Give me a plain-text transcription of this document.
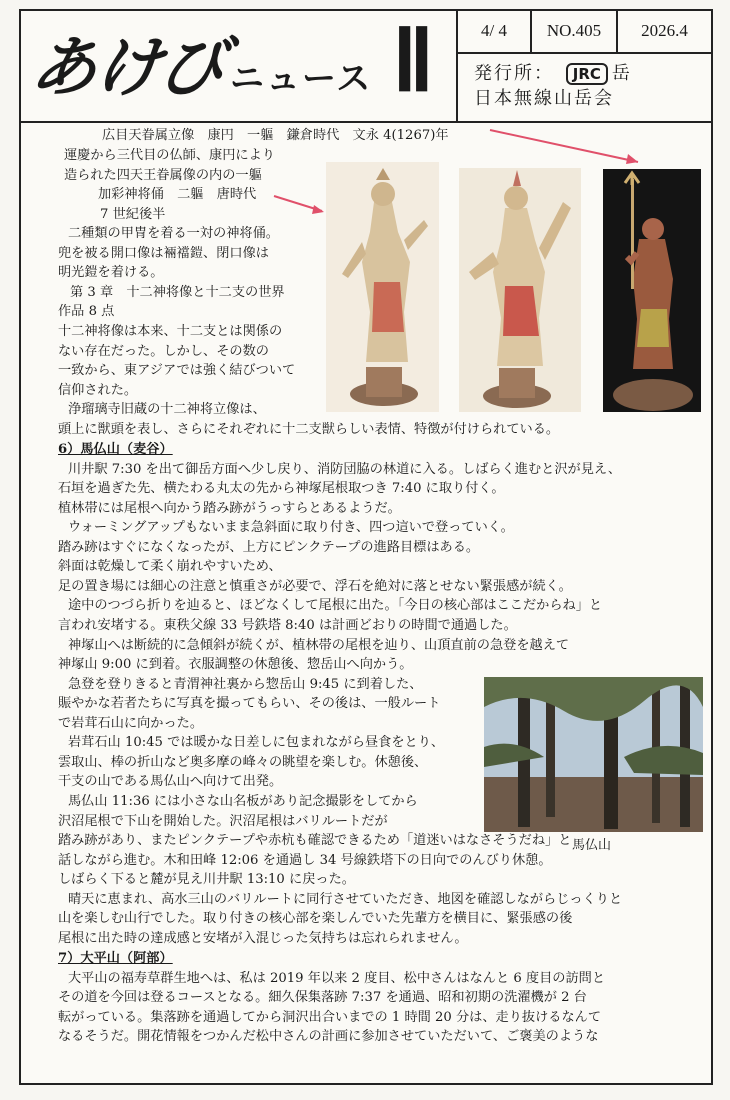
あけびニュース Ⅱ	4/ 4	NO.405	2026.4
発行所： JRC 岳
日本無線山岳会
広目天眷属立像　康円　一軀　鎌倉時代　文永 4(1267)年
運慶から三代目の仏師、康円により
造られた四天王眷属像の内の一軀
加彩神将俑　二軀　唐時代
7 世紀後半
二種類の甲冑を着る一対の神将俑。
兜を被る開口像は裲襠鎧、閉口像は
明光鎧を着ける。
第 3 章　十二神将像と十二支の世界
作品 8 点
十二神将像は本来、十二支とは関係の
ない存在だった。しかし、その数の
一致から、東アジアでは強く結びついて
信仰された。
浄瑠璃寺旧蔵の十二神将立像は、
頭上に獣頭を表し、さらにそれぞれに十二支獣らしい表情、特徴が付けられている。
6）馬仏山（麦谷）
川井駅 7:30 を出て御岳方面へ少し戻り、消防団脇の林道に入る。しばらく進むと沢が見え、
石垣を過ぎた先、横たわる丸太の先から神塚尾根取つき 7:40 に取り付く。
植林帯には尾根へ向かう踏み跡がうっすらとあるようだ。
ウォーミングアップもないまま急斜面に取り付き、四つ這いで登っていく。
踏み跡はすぐになくなったが、上方にピンクテープの進路目標はある。
斜面は乾燥して柔く崩れやすいため、
足の置き場には細心の注意と慎重さが必要で、浮石を絶対に落とせない緊張感が続く。
途中のつづら折りを辿ると、ほどなくして尾根に出た。「今日の核心部はここだからね」と
言われ安堵する。東秩父線 33 号鉄塔 8:40 は計画どおりの時間で通過した。
神塚山へは断続的に急傾斜が続くが、植林帯の尾根を辿り、山頂直前の急登を越えて
神塚山 9:00 に到着。衣服調整の休憩後、惣岳山へ向かう。
急登を登りきると青渭神社裏から惣岳山 9:45 に到着した、
賑やかな若者たちに写真を撮ってもらい、その後は、一般ルート
で岩茸石山に向かった。
岩茸石山 10:45 では暖かな日差しに包まれながら昼食をとり、
雲取山、棒の折山など奥多摩の峰々の眺望を楽しむ。休憩後、
干支の山である馬仏山へ向けて出発。
馬仏山 11:36 には小さな山名板があり記念撮影をしてから
沢沼尾根で下山を開始した。沢沼尾根はバリルートだが
踏み跡があり、またピンクテープや赤杭も確認できるため「道迷いはなさそうだね」と
話しながら進む。木和田峰 12:06 を通過し 34 号線鉄塔下の日向でのんびり休憩。
しばらく下ると麓が見え川井駅 13:10 に戻った。
晴天に恵まれ、高水三山のバリルートに同行させていただき、地図を確認しながらじっくりと
山を楽しむ山行でした。取り付きの核心部を楽しんでいた先輩方を横目に、緊張感の後
尾根に出た時の達成感と安堵が入混じった気持ちは忘れられません。
7）大平山（阿部）
大平山の福寿草群生地へは、私は 2019 年以来 2 度目、松中さんはなんと 6 度目の訪問と
その道を今回は登るコースとなる。細久保集落跡 7:37 を通過、昭和初期の洗濯機が 2 台
転がっている。集落跡を通過してから洞沢出合いまでの 1 時間 20 分は、走り抜けるなんて
なるそうだ。開花情報をつかんだ松中さんの計画に参加させていただいて、ご褒美のような
馬仏山
